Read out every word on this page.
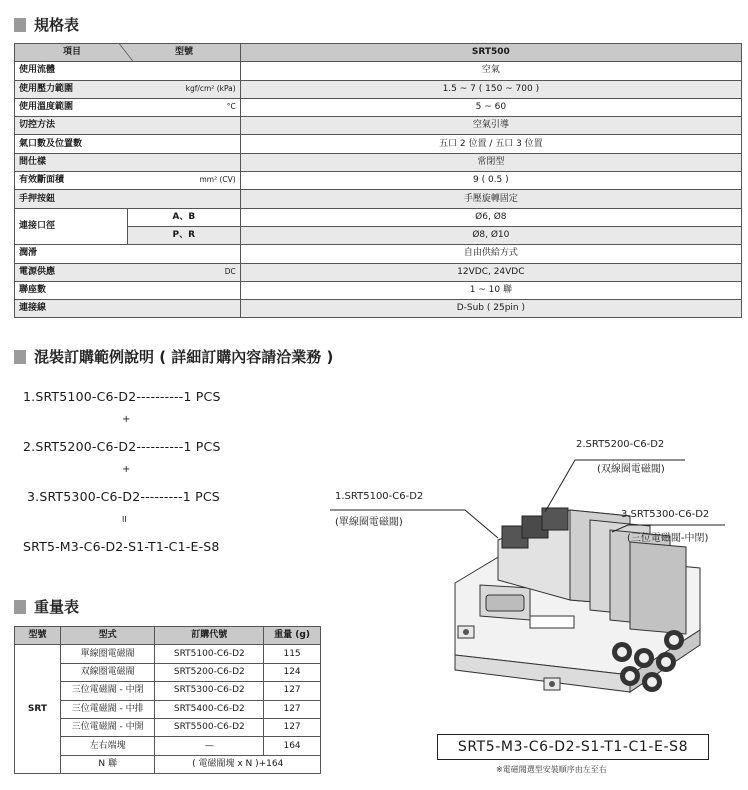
規格表
項目 型號		SRT500
使用流體		空氣
使用壓力範圍 kgf/cm² (kPa)		1.5 ~ 7 ( 150 ~ 700 )
使用溫度範圍 °C		5 ~ 60
切控方法		空氣引導
氣口數及位置數		五口 2 位置 / 五口 3 位置
間仕樣		常閉型
有效斷面積 mm² (CV)		9 ( 0.5 )
手押按鈕		手壓旋轉固定
連接口徑	A、B	Ø6, Ø8
	P、R	Ø8, Ø10
潤滑		自由供給方式
電源供應 DC		12VDC, 24VDC
聯座數		1 ~ 10 聯
連接線		D-Sub ( 25pin )
混裝訂購範例說明 ( 詳細訂購內容請洽業務 )
1.SRT5100-C6-D2----------1 PCS
+
2.SRT5200-C6-D2----------1 PCS
+
3.SRT5300-C6-D2---------1 PCS
II
SRT5-M3-C6-D2-S1-T1-C1-E-S8
重量表
型號	型式	訂購代號	重量 (g)
SRT	單線圈電磁閥	SRT5100-C6-D2	115
	双線圈電磁閥	SRT5200-C6-D2	124
	三位電磁閥 - 中閉	SRT5300-C6-D2	127
	三位電磁閥 - 中排	SRT5400-C6-D2	127
	三位電磁閥 - 中開	SRT5500-C6-D2	127
	左右端塊	—	164
	N 聯	( 電磁閥塊 x N )+164	
1.SRT5100-C6-D2
(單線圈電磁閥)
2.SRT5200-C6-D2
(双線圈電磁閥)
3.SRT5300-C6-D2
(三位電磁閥-中閉)
SRT5-M3-C6-D2-S1-T1-C1-E-S8
※電磁閥選型安裝順序由左至右
